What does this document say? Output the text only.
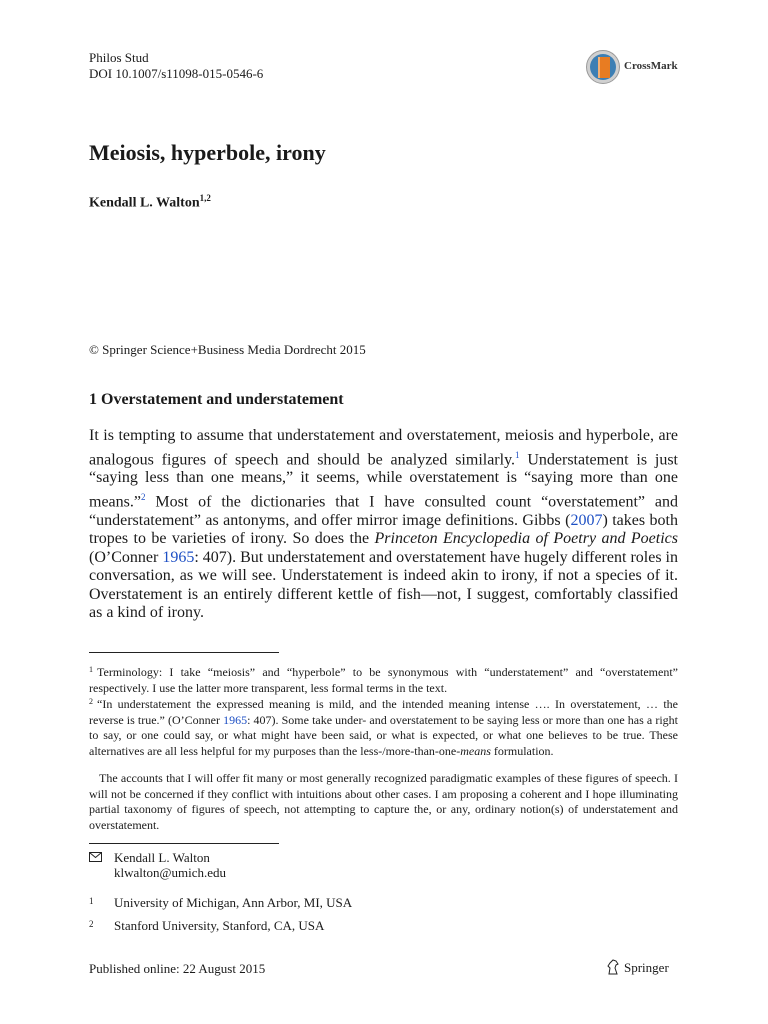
Philos Stud
DOI 10.1007/s11098-015-0546-6	CrossMark
Meiosis, hyperbole, irony
Kendall L. Walton$^{1,2}$
© Springer Science+Business Media Dordrecht 2015
1 Overstatement and understatement
It is tempting to assume that understatement and overstatement, meiosis and hyperbole, are analogous figures of speech and should be analyzed similarly.$^1$ Understatement is just “saying less than one means,” it seems, while overstatement is “saying more than one means.”$^2$ Most of the dictionaries that I have consulted count “overstatement” and “understatement” as antonyms, and offer mirror image definitions. Gibbs (2007) takes both tropes to be varieties of irony. So does the Princeton Encyclopedia of Poetry and Poetics (O’Conner 1965: 407). But understatement and overstatement have hugely different roles in conversation, as we will see. Understatement is indeed akin to irony, if not a species of it. Overstatement is an entirely different kettle of fish—not, I suggest, comfortably classified as a kind of irony.
$^1$ Terminology: I take “meiosis” and “hyperbole” to be synonymous with “understatement” and “overstatement” respectively. I use the latter more transparent, less formal terms in the text.
$^2$ “In understatement the expressed meaning is mild, and the intended meaning intense …. In overstatement, … the reverse is true.” (O’Conner 1965: 407). Some take under- and overstatement to be saying less or more than one has a right to say, or one could say, or what might have been said, or what is expected, or what one believes to be true. These alternatives are all less helpful for my purposes than the less-/more-than-one-means formulation.
The accounts that I will offer fit many or most generally recognized paradigmatic examples of these figures of speech. I will not be concerned if they conflict with intuitions about other cases. I am proposing a coherent and I hope illuminating partial taxonomy of figures of speech, not attempting to capture the, or any, ordinary notion(s) of understatement and overstatement.
Kendall L. Walton
klwalton@umich.edu
1 University of Michigan, Ann Arbor, MI, USA
2 Stanford University, Stanford, CA, USA
Published online: 22 August 2015	Springer
